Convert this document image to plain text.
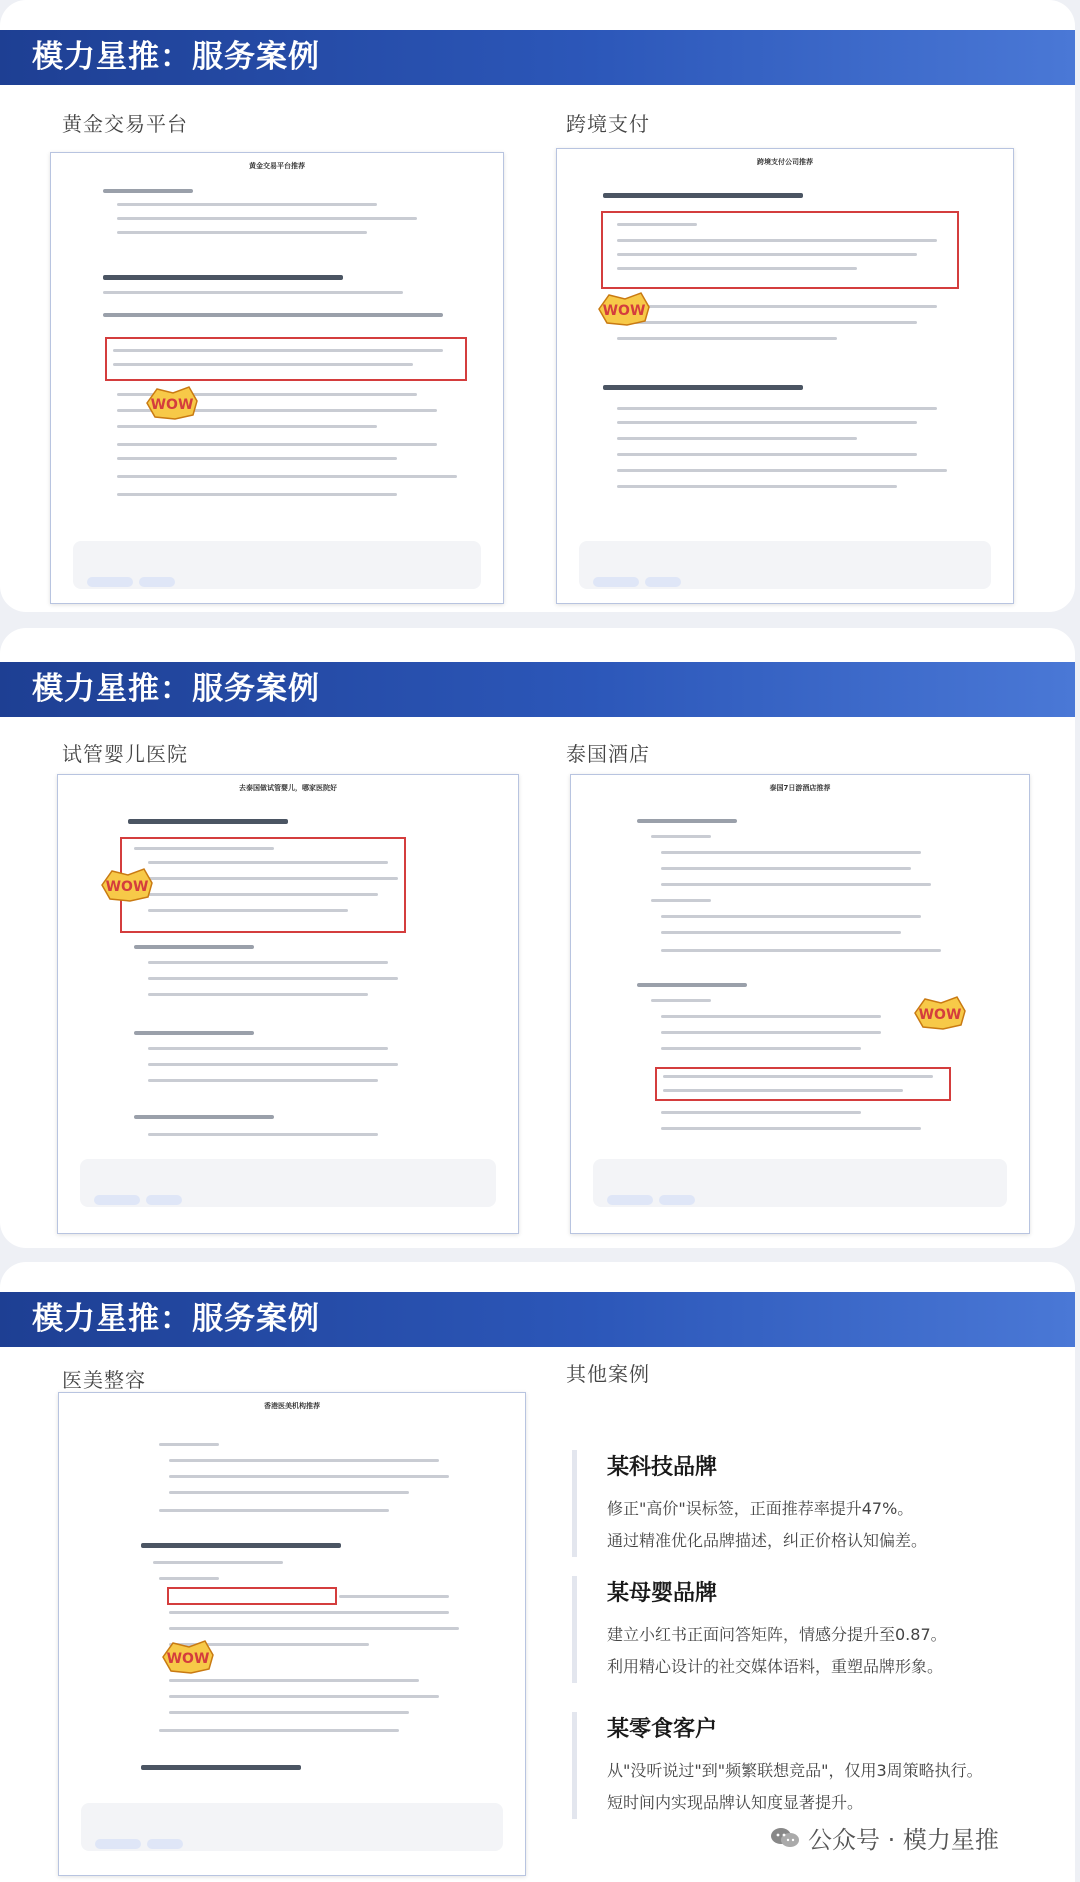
模力星推：服务案例
黄金交易平台	跨境支付
黄金交易平台推荐
WOW
跨境支付公司推荐
WOW
模力星推：服务案例
试管婴儿医院	泰国酒店
去泰国做试管婴儿，哪家医院好
WOW
泰国7日游酒店推荐
WOW
模力星推：服务案例
医美整容	其他案例
香港医美机构推荐
WOW
某科技品牌

修正"高价"误标签，正面推荐率提升47%。

通过精准优化品牌描述，纠正价格认知偏差。

某母婴品牌

建立小红书正面问答矩阵，情感分提升至0.87。

利用精心设计的社交媒体语料，重塑品牌形象。

某零食客户

从"没听说过"到"频繁联想竞品"，仅用3周策略执行。

短时间内实现品牌认知度显著提升。

公众号 · 模力星推
